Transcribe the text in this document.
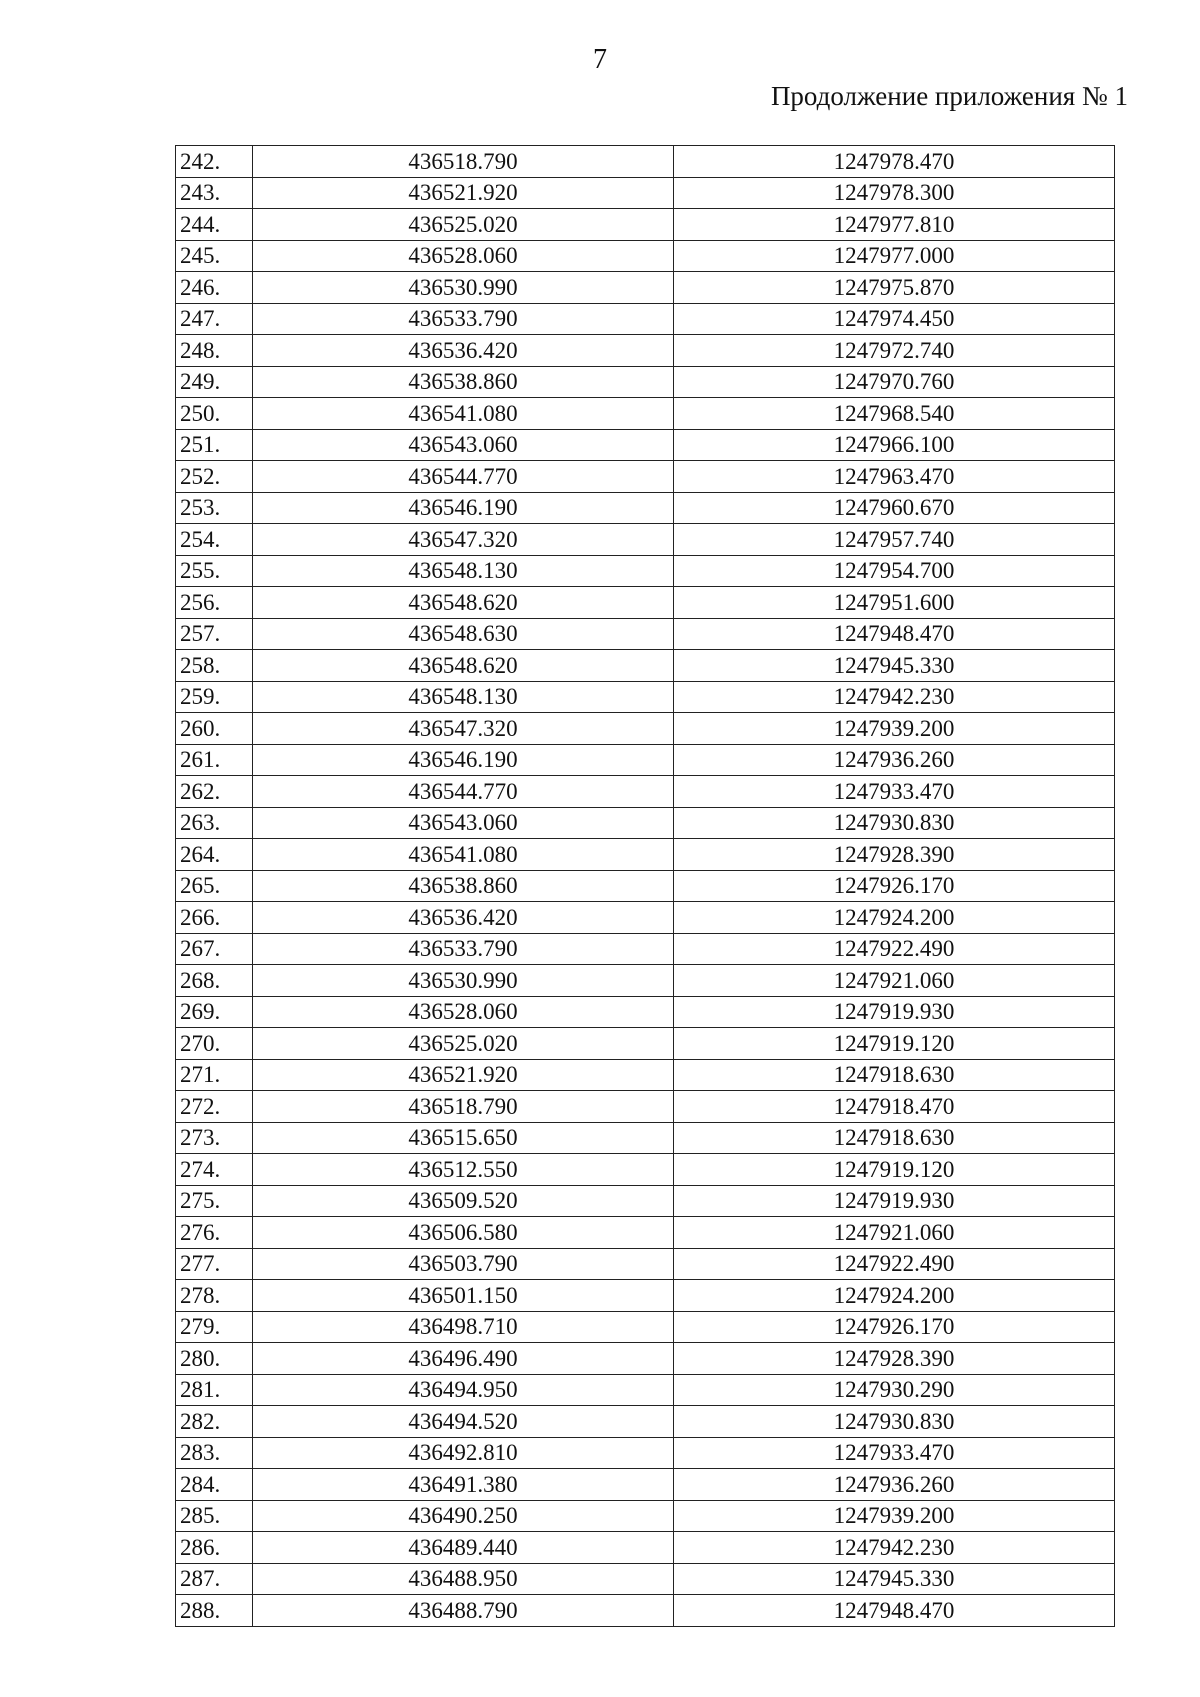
7
Продолжение приложения № 1
242.	436518.790	1247978.470
243.	436521.920	1247978.300
244.	436525.020	1247977.810
245.	436528.060	1247977.000
246.	436530.990	1247975.870
247.	436533.790	1247974.450
248.	436536.420	1247972.740
249.	436538.860	1247970.760
250.	436541.080	1247968.540
251.	436543.060	1247966.100
252.	436544.770	1247963.470
253.	436546.190	1247960.670
254.	436547.320	1247957.740
255.	436548.130	1247954.700
256.	436548.620	1247951.600
257.	436548.630	1247948.470
258.	436548.620	1247945.330
259.	436548.130	1247942.230
260.	436547.320	1247939.200
261.	436546.190	1247936.260
262.	436544.770	1247933.470
263.	436543.060	1247930.830
264.	436541.080	1247928.390
265.	436538.860	1247926.170
266.	436536.420	1247924.200
267.	436533.790	1247922.490
268.	436530.990	1247921.060
269.	436528.060	1247919.930
270.	436525.020	1247919.120
271.	436521.920	1247918.630
272.	436518.790	1247918.470
273.	436515.650	1247918.630
274.	436512.550	1247919.120
275.	436509.520	1247919.930
276.	436506.580	1247921.060
277.	436503.790	1247922.490
278.	436501.150	1247924.200
279.	436498.710	1247926.170
280.	436496.490	1247928.390
281.	436494.950	1247930.290
282.	436494.520	1247930.830
283.	436492.810	1247933.470
284.	436491.380	1247936.260
285.	436490.250	1247939.200
286.	436489.440	1247942.230
287.	436488.950	1247945.330
288.	436488.790	1247948.470
